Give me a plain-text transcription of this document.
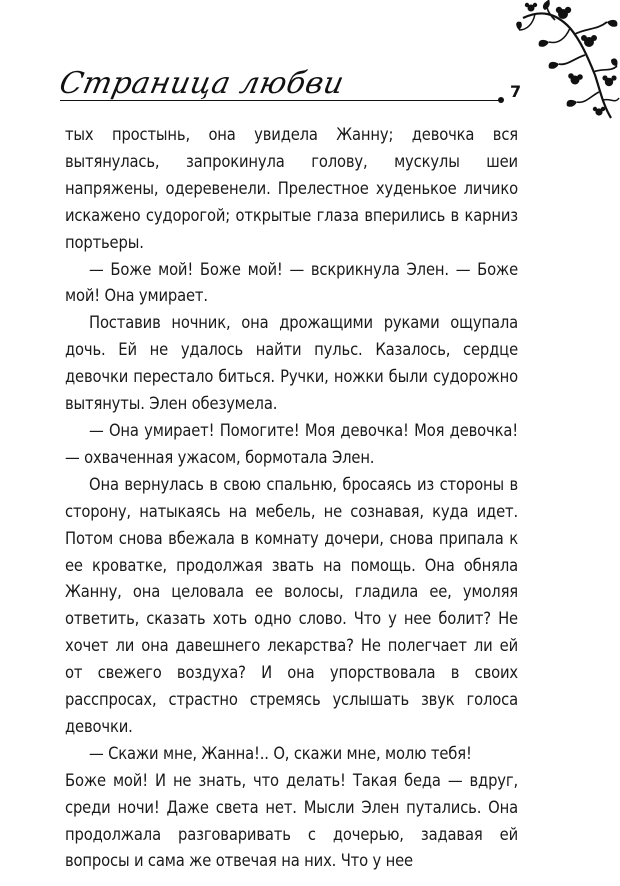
Страница любви	7

тых простынь, она увидела Жанну; девочка вся вытянулась, запрокинула голову, мускулы шеи напряжены, одеревенели. Прелестное худенькое личико искажено судорогой; открытые глаза вперились в карниз портьеры.

— Боже мой! Боже мой! — вскрикнула Элен. — Боже мой! Она умирает.

Поставив ночник, она дрожащими руками ощупала дочь. Ей не удалось найти пульс. Казалось, сердце девочки перестало биться. Ручки, ножки были судорожно вытянуты. Элен обезумела.

— Она умирает! Помогите! Моя девочка! Моя девочка! — охваченная ужасом, бормотала Элен.

Она вернулась в свою спальню, бросаясь из стороны в сторону, натыкаясь на мебель, не сознавая, куда идет. Потом снова вбежала в комнату дочери, снова припала к ее кроватке, продолжая звать на помощь. Она обняла Жанну, она целовала ее волосы, гладила ее, умоляя ответить, сказать хоть одно слово. Что у нее болит? Не хочет ли она давешнего лекарства? Не полегчает ли ей от свежего воздуха? И она упорствовала в своих расспросах, страстно стремясь услышать звук голоса девочки.

— Скажи мне, Жанна!.. О, скажи мне, молю тебя!

Боже мой! И не знать, что делать! Такая беда — вдруг, среди ночи! Даже света нет. Мысли Элен путались. Она продолжала разговаривать с дочерью, задавая ей вопросы и сама же отвечая на них. Что у нее
